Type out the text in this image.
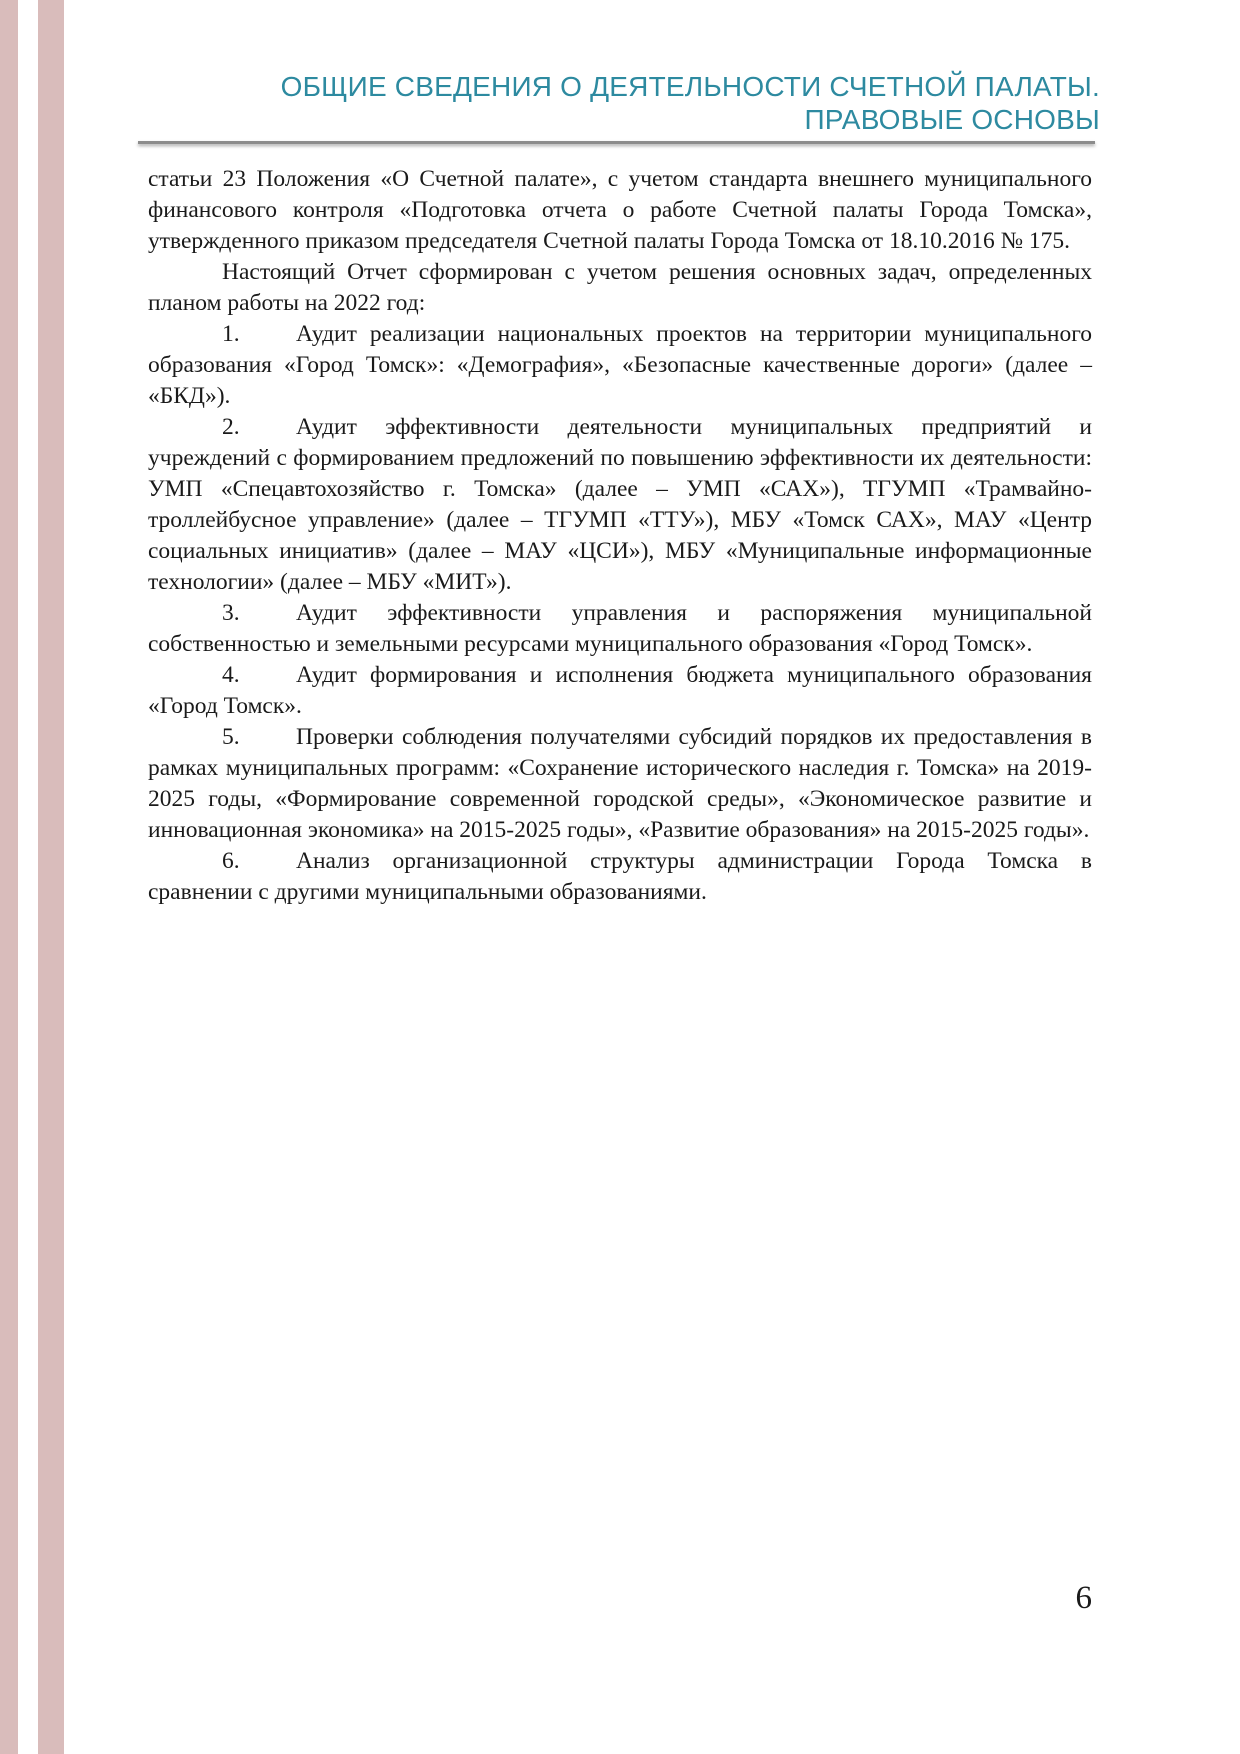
ОБЩИЕ СВЕДЕНИЯ О ДЕЯТЕЛЬНОСТИ СЧЕТНОЙ ПАЛАТЫ.
ПРАВОВЫЕ ОСНОВЫ

статьи 23 Положения «О Счетной палате», с учетом стандарта внешнего муниципального финансового контроля «Подготовка отчета о работе Счетной палаты Города Томска», утвержденного приказом председателя Счетной палаты Города Томска от 18.10.2016 № 175.

Настоящий Отчет сформирован с учетом решения основных задач, определенных планом работы на 2022 год:

1. Аудит реализации национальных проектов на территории муниципального образования «Город Томск»: «Демография», «Безопасные качественные дороги» (далее – «БКД»).

2. Аудит эффективности деятельности муниципальных предприятий и учреждений с формированием предложений по повышению эффективности их деятельности: УМП «Спецавтохозяйство г. Томска» (далее – УМП «САХ»), ТГУМП «Трамвайно-троллейбусное управление» (далее – ТГУМП «ТТУ»), МБУ «Томск САХ», МАУ «Центр социальных инициатив» (далее – МАУ «ЦСИ»), МБУ «Муниципальные информационные технологии» (далее – МБУ «МИТ»).

3. Аудит эффективности управления и распоряжения муниципальной собственностью и земельными ресурсами муниципального образования «Город Томск».

4. Аудит формирования и исполнения бюджета муниципального образования «Город Томск».

5. Проверки соблюдения получателями субсидий порядков их предоставления в рамках муниципальных программ: «Сохранение исторического наследия г. Томска» на 2019-2025 годы, «Формирование современной городской среды», «Экономическое развитие и инновационная экономика» на 2015-2025 годы», «Развитие образования» на 2015-2025 годы».

6. Анализ организационной структуры администрации Города Томска в сравнении с другими муниципальными образованиями.

6
